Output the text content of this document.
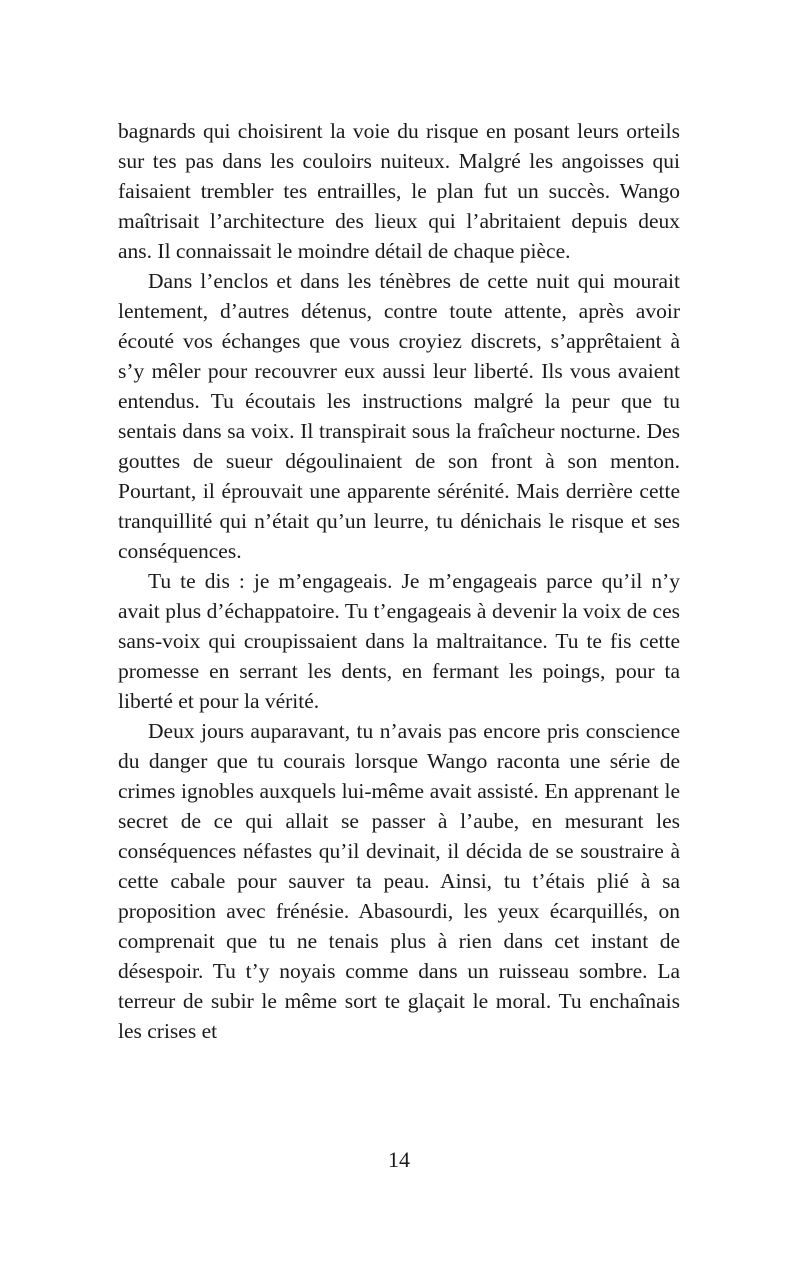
bagnards qui choisirent la voie du risque en posant leurs orteils sur tes pas dans les couloirs nuiteux. Malgré les angoisses qui faisaient trembler tes entrailles, le plan fut un succès. Wango maîtrisait l’architecture des lieux qui l’abritaient depuis deux ans. Il connaissait le moindre détail de chaque pièce.

Dans l’enclos et dans les ténèbres de cette nuit qui mourait lentement, d’autres détenus, contre toute attente, après avoir écouté vos échanges que vous croyiez discrets, s’apprêtaient à s’y mêler pour recouvrer eux aussi leur liberté. Ils vous avaient entendus. Tu écoutais les instructions malgré la peur que tu sentais dans sa voix. Il transpirait sous la fraîcheur nocturne. Des gouttes de sueur dégoulinaient de son front à son menton. Pourtant, il éprouvait une apparente sérénité. Mais derrière cette tranquillité qui n’était qu’un leurre, tu dénichais le risque et ses conséquences.

Tu te dis : je m’engageais. Je m’engageais parce qu’il n’y avait plus d’échappatoire. Tu t’engageais à devenir la voix de ces sans-voix qui croupissaient dans la maltraitance. Tu te fis cette promesse en serrant les dents, en fermant les poings, pour ta liberté et pour la vérité.

Deux jours auparavant, tu n’avais pas encore pris conscience du danger que tu courais lorsque Wango raconta une série de crimes ignobles auxquels lui-même avait assisté. En apprenant le secret de ce qui allait se passer à l’aube, en mesurant les conséquences néfastes qu’il devinait, il décida de se soustraire à cette cabale pour sauver ta peau. Ainsi, tu t’étais plié à sa proposition avec frénésie. Abasourdi, les yeux écarquillés, on comprenait que tu ne tenais plus à rien dans cet instant de désespoir. Tu t’y noyais comme dans un ruisseau sombre. La terreur de subir le même sort te glaçait le moral. Tu enchaînais les crises et

14
